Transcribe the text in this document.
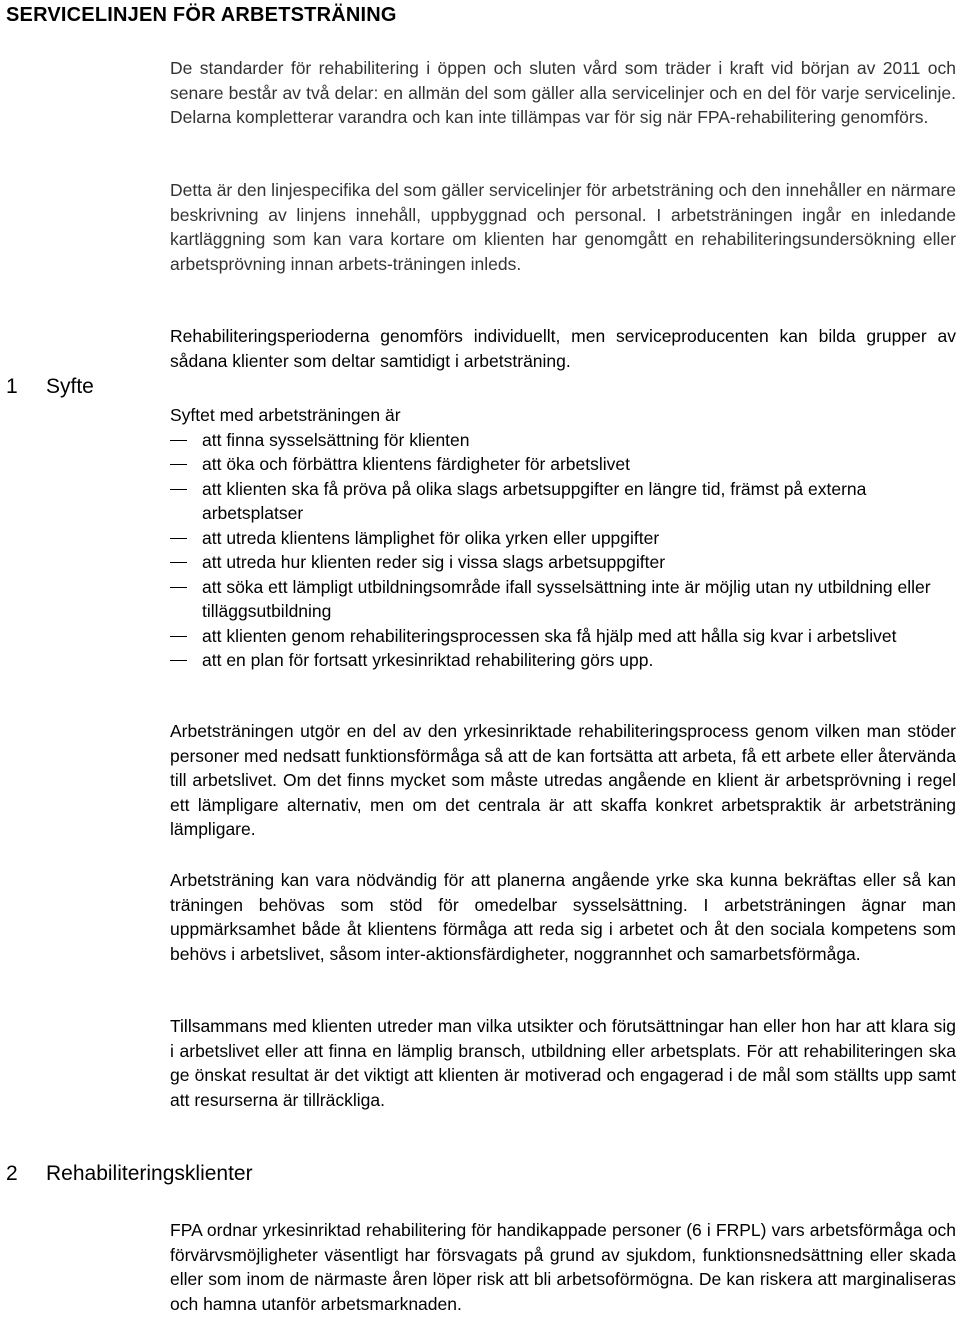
SERVICELINJEN FÖR ARBETSTRÄNING

De standarder för rehabilitering i öppen och sluten vård som träder i kraft vid början av 2011 och senare består av två delar: en allmän del som gäller alla servicelinjer och en del för varje servicelinje. Delarna kompletterar varandra och kan inte tillämpas var för sig när FPA-rehabilitering genomförs.

Detta är den linjespecifika del som gäller servicelinjer för arbetsträning och den innehåller en närmare beskrivning av linjens innehåll, uppbyggnad och personal. I arbetsträningen ingår en inledande kartläggning som kan vara kortare om klienten har genomgått en rehabiliteringsundersökning eller arbetsprövning innan arbets-träningen inleds.

1 Syfte

Rehabiliteringsperioderna genomförs individuellt, men serviceproducenten kan bilda grupper av sådana klienter som deltar samtidigt i arbetsträning.

Syftet med arbetsträningen är

att finna sysselsättning för klienten
att öka och förbättra klientens färdigheter för arbetslivet
att klienten ska få pröva på olika slags arbetsuppgifter en längre tid, främst på externa arbetsplatser
att utreda klientens lämplighet för olika yrken eller uppgifter
att utreda hur klienten reder sig i vissa slags arbetsuppgifter
att söka ett lämpligt utbildningsområde ifall sysselsättning inte är möjlig utan ny utbildning eller tilläggsutbildning
att klienten genom rehabiliteringsprocessen ska få hjälp med att hålla sig kvar i arbetslivet
att en plan för fortsatt yrkesinriktad rehabilitering görs upp.

Arbetsträningen utgör en del av den yrkesinriktade rehabiliteringsprocess genom vilken man stöder personer med nedsatt funktionsförmåga så att de kan fortsätta att arbeta, få ett arbete eller återvända till arbetslivet. Om det finns mycket som måste utredas angående en klient är arbetsprövning i regel ett lämpligare alternativ, men om det centrala är att skaffa konkret arbetspraktik är arbetsträning lämpligare.

Arbetsträning kan vara nödvändig för att planerna angående yrke ska kunna bekräftas eller så kan träningen behövas som stöd för omedelbar sysselsättning. I arbetsträningen ägnar man uppmärksamhet både åt klientens förmåga att reda sig i arbetet och åt den sociala kompetens som behövs i arbetslivet, såsom inter-aktionsfärdigheter, noggrannhet och samarbetsförmåga.

Tillsammans med klienten utreder man vilka utsikter och förutsättningar han eller hon har att klara sig i arbetslivet eller att finna en lämplig bransch, utbildning eller arbetsplats. För att rehabiliteringen ska ge önskat resultat är det viktigt att klienten är motiverad och engagerad i de mål som ställts upp samt att resurserna är tillräckliga.

2 Rehabiliteringsklienter

FPA ordnar yrkesinriktad rehabilitering för handikappade personer (6 i FRPL) vars arbetsförmåga och förvärvsmöjligheter väsentligt har försvagats på grund av sjukdom, funktionsnedsättning eller skada eller som inom de närmaste åren löper risk att bli arbetsoförmögna. De kan riskera att marginaliseras och hamna utanför arbetsmarknaden.
